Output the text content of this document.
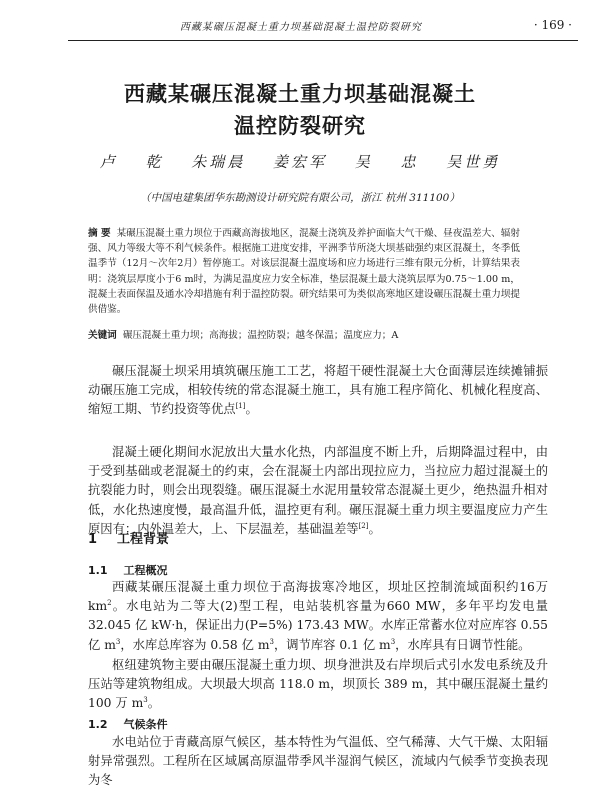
西藏某碾压混凝土重力坝基础混凝土温控防裂研究	· 169 ·
西藏某碾压混凝土重力坝基础混凝土
温控防裂研究
卢 乾 朱瑞晨 姜宏军 吴 忠 吴世勇
（中国电建集团华东勘测设计研究院有限公司，浙江 杭州 311100）

摘 要 某碾压混凝土重力坝位于西藏高海拔地区，混凝土浇筑及养护面临大气干燥、昼夜温差大、辐射强、风力等级大等不利气候条件。根据施工进度安排，平洲季节所浇大坝基础强约束区混凝土，冬季低温季节（12月～次年2月）暂停施工。对该层混凝土温度场和应力场进行三维有限元分析，计算结果表明：浇筑层厚度小于6 m时，为满足温度应力安全标准，垫层混凝土最大浇筑层厚为0.75～1.00 m，混凝土表面保温及通水冷却措施有利于温控防裂。研究结果可为类似高寒地区建设碾压混凝土重力坝提供借鉴。

关键词 碾压混凝土重力坝；高海拔；温控防裂；越冬保温；温度应力；A

碾压混凝土坝采用填筑碾压施工工艺，将超干硬性混凝土大仓面薄层连续摊铺振动碾压施工完成，相较传统的常态混凝土施工，具有施工程序简化、机械化程度高、缩短工期、节约投资等优点[1]。

混凝土硬化期间水泥放出大量水化热，内部温度不断上升，后期降温过程中，由于受到基础或老混凝土的约束，会在混凝土内部出现拉应力，当拉应力超过混凝土的抗裂能力时，则会出现裂缝。碾压混凝土水泥用量较常态混凝土更少，绝热温升相对低，水化热速度慢，最高温升低，温控更有利。碾压混凝土重力坝主要温度应力产生原因有：内外温差大，上、下层温差，基础温差等[2]。

1 工程背景
1.1 工程概况

西藏某碾压混凝土重力坝位于高海拔寒冷地区，坝址区控制流域面积约16万 $km^2$。水电站为二等大(2)型工程，电站装机容量为660 MW，多年平均发电量32.045 亿 kW·h，保证出力(P=5%) 173.43 MW。水库正常蓄水位对应库容 0.55 亿 $m^3$，水库总库容为 0.58 亿 $m^3$，调节库容 0.1 亿 $m^3$，水库具有日调节性能。

枢纽建筑物主要由碾压混凝土重力坝、坝身泄洪及右岸坝后式引水发电系统及升压站等建筑物组成。大坝最大坝高 118.0 m，坝顶长 389 m，其中碾压混凝土量约100 万 $m^3$。

1.2 气候条件

水电站位于青藏高原气候区，基本特性为气温低、空气稀薄、大气干燥、太阳辐射异常强烈。工程所在区域属高原温带季风半湿润气候区，流域内气候季节变换表现为冬
